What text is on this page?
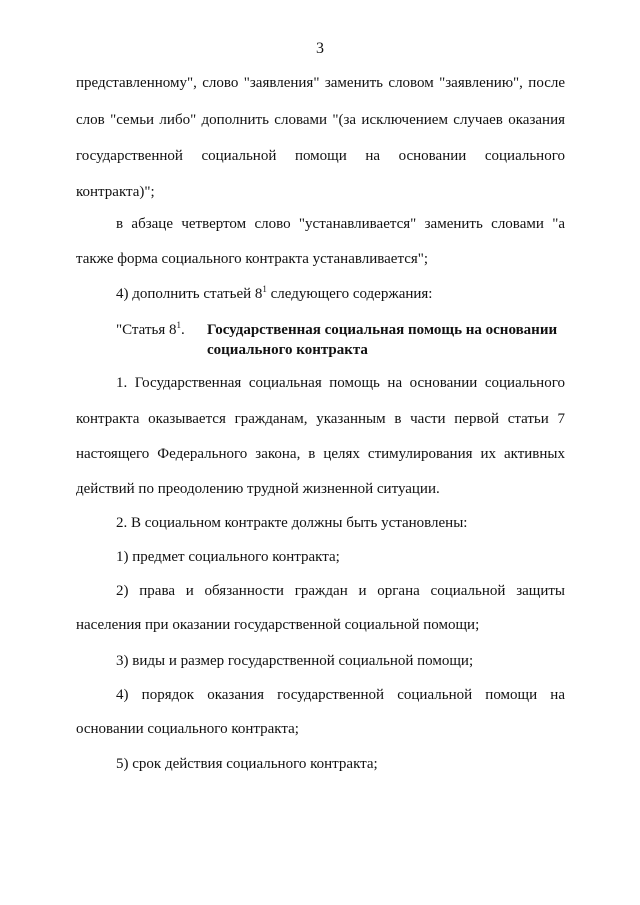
3

представленному", слово "заявления" заменить словом "заявлению", после

слов "семьи либо" дополнить словами "(за исключением случаев оказания

государственной социальной помощи на основании социального

контракта)";

в абзаце четвертом слово "устанавливается" заменить словами "а

также форма социального контракта устанавливается";

4) дополнить статьей $8^1$ следующего содержания:

"Статья $8^1$. Государственная социальная помощь на основании
социального контракта

1. Государственная социальная помощь на основании социального

контракта оказывается гражданам, указанным в части первой статьи 7

настоящего Федерального закона, в целях стимулирования их активных

действий по преодолению трудной жизненной ситуации.

2. В социальном контракте должны быть установлены:

1) предмет социального контракта;

2) права и обязанности граждан и органа социальной защиты

населения при оказании государственной социальной помощи;

3) виды и размер государственной социальной помощи;

4) порядок оказания государственной социальной помощи на

основании социального контракта;

5) срок действия социального контракта;
